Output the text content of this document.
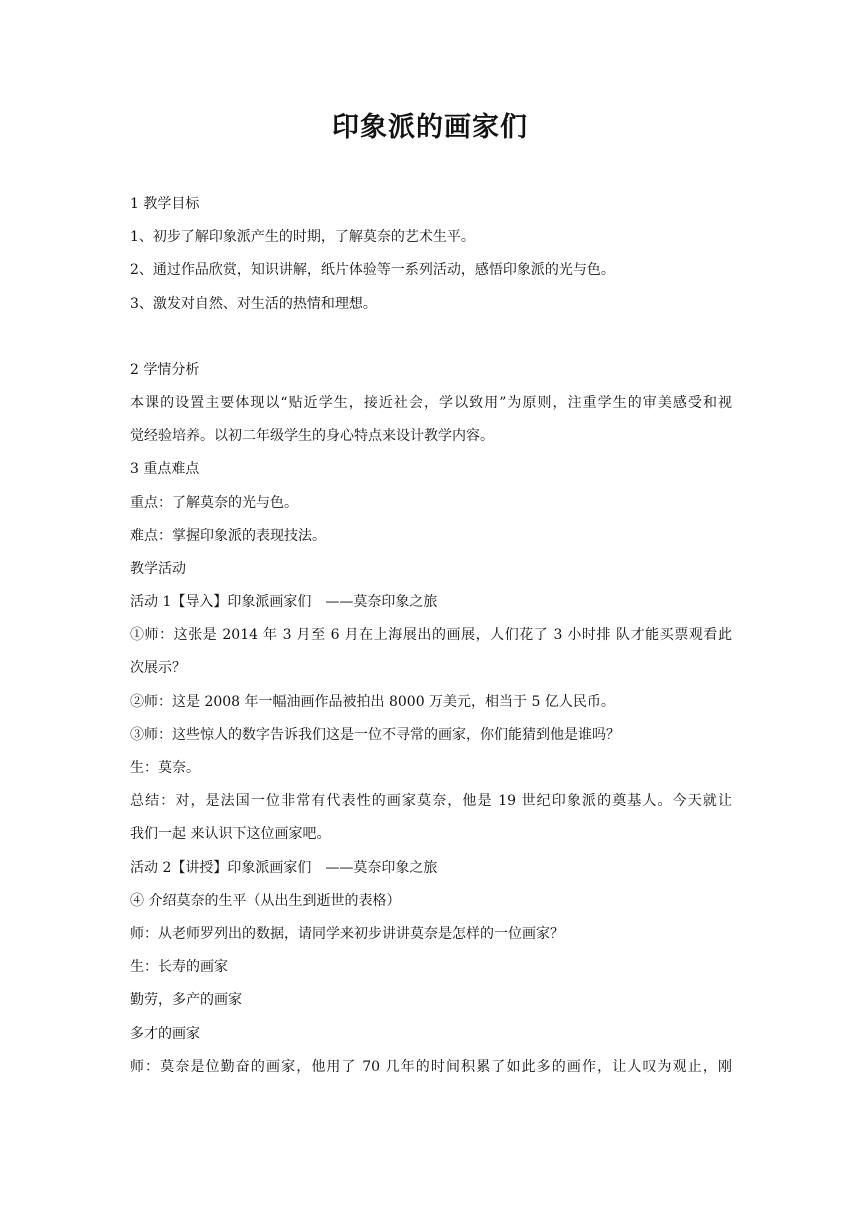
印象派的画家们
1 教学目标
1、初步了解印象派产生的时期，了解莫奈的艺术生平。
2、通过作品欣赏，知识讲解，纸片体验等一系列活动，感悟印象派的光与色。
3、激发对自然、对生活的热情和理想。
2 学情分析
本课的设置主要体现以“贴近学生，接近社会，学以致用”为原则，注重学生的审美感受和视
觉经验培养。以初二年级学生的身心特点来设计教学内容。
3 重点难点
重点：了解莫奈的光与色。
难点：掌握印象派的表现技法。
教学活动
活动 1【导入】印象派画家们　——莫奈印象之旅
①师：这张是 2014 年 3 月至 6 月在上海展出的画展，人们花了 3 小时排 队才能买票观看此
次展示？
②师：这是 2008 年一幅油画作品被拍出 8000 万美元，相当于 5 亿人民币。
③师：这些惊人的数字告诉我们这是一位不寻常的画家，你们能猜到他是谁吗？
生：莫奈。
总结：对，是法国一位非常有代表性的画家莫奈，他是 19 世纪印象派的奠基人。今天就让
我们一起 来认识下这位画家吧。
活动 2【讲授】印象派画家们　——莫奈印象之旅
④ 介绍莫奈的生平（从出生到逝世的表格）
师：从老师罗列出的数据，请同学来初步讲讲莫奈是怎样的一位画家？
生：长寿的画家
勤劳，多产的画家
多才的画家
师：莫奈是位勤奋的画家，他用了 70 几年的时间积累了如此多的画作，让人叹为观止，刚
